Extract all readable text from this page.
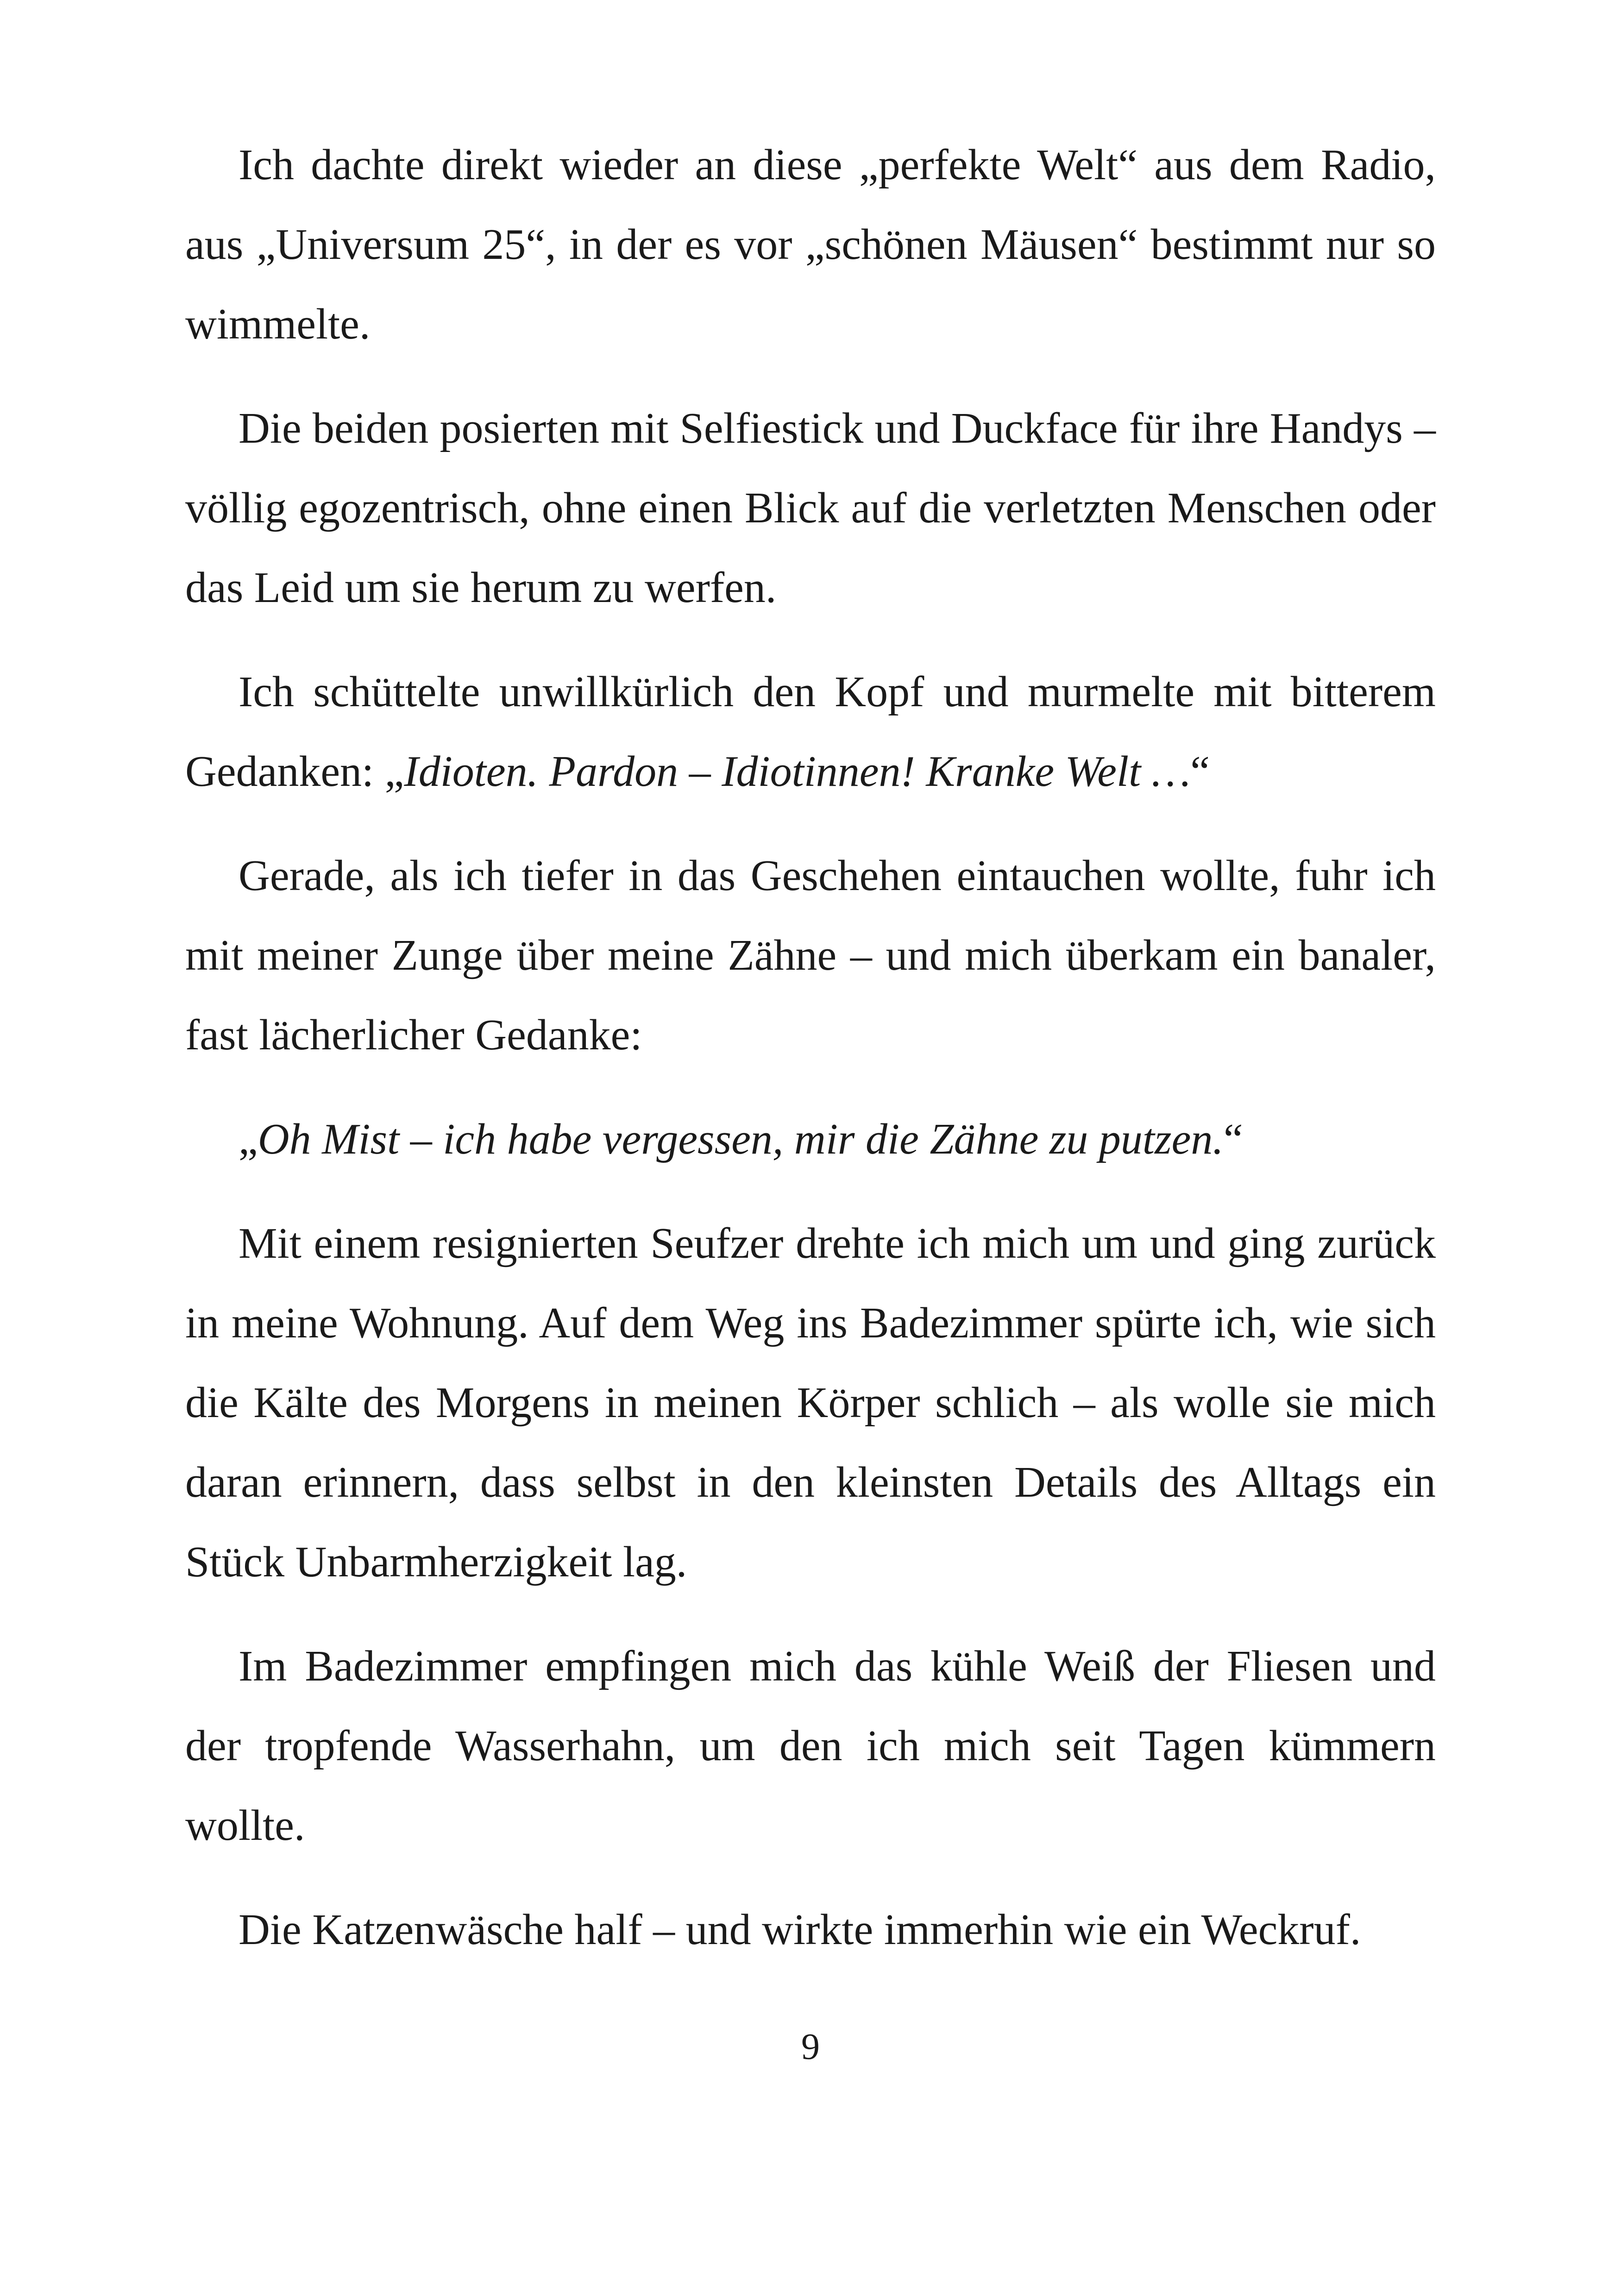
Ich dachte direkt wieder an diese „perfekte Welt“ aus dem Radio, aus „Universum 25“, in der es vor „schönen Mäusen“ bestimmt nur so wimmelte.

Die beiden posierten mit Selfiestick und Duckface für ihre Handys – völlig egozentrisch, ohne einen Blick auf die verletzten Menschen oder das Leid um sie herum zu werfen.

Ich schüttelte unwillkürlich den Kopf und murmelte mit bitterem Gedanken: „Idioten. Pardon – Idiotinnen! Kranke Welt …“

Gerade, als ich tiefer in das Geschehen eintauchen wollte, fuhr ich mit meiner Zunge über meine Zähne – und mich überkam ein banaler, fast lächerlicher Gedanke:

„Oh Mist – ich habe vergessen, mir die Zähne zu putzen.“

Mit einem resignierten Seufzer drehte ich mich um und ging zurück in meine Wohnung. Auf dem Weg ins Badezimmer spürte ich, wie sich die Kälte des Morgens in meinen Körper schlich – als wolle sie mich daran erinnern, dass selbst in den kleinsten Details des Alltags ein Stück Unbarmherzigkeit lag.

Im Badezimmer empfingen mich das kühle Weiß der Fliesen und der tropfende Wasserhahn, um den ich mich seit Tagen kümmern wollte.

Die Katzenwäsche half – und wirkte immerhin wie ein Weckruf.

9
